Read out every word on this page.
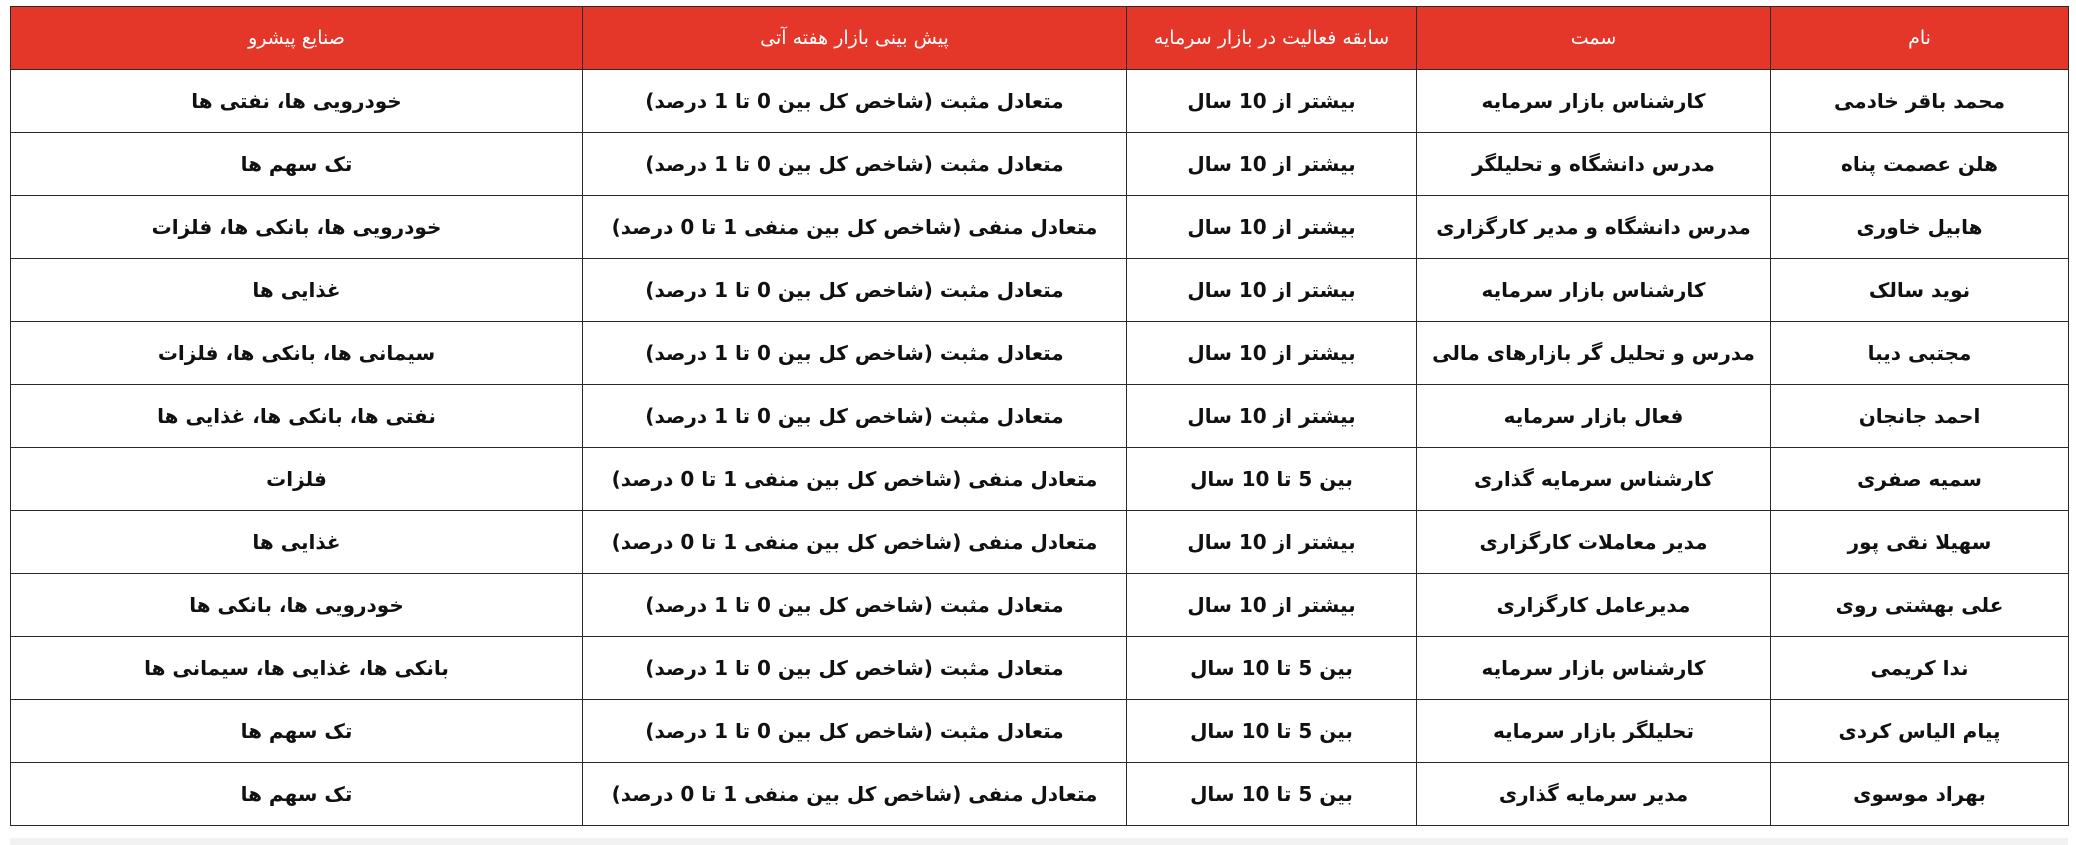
نام	سمت	سابقه فعالیت در بازار سرمایه	پیش بینی بازار هفته آتی	صنایع پیشرو
محمد باقر خادمی	کارشناس بازار سرمایه	بیشتر از 10 سال	متعادل مثبت (شاخص کل بین 0 تا 1 درصد)	خودرویی ها، نفتی ها
هلن عصمت پناه	مدرس دانشگاه و تحلیلگر	بیشتر از 10 سال	متعادل مثبت (شاخص کل بین 0 تا 1 درصد)	تک سهم ها
هابیل خاوری	مدرس دانشگاه و مدیر کارگزاری	بیشتر از 10 سال	متعادل منفی (شاخص کل بین منفی 1 تا 0 درصد)	خودرویی ها، بانکی ها، فلزات
نوید سالک	کارشناس بازار سرمایه	بیشتر از 10 سال	متعادل مثبت (شاخص کل بین 0 تا 1 درصد)	غذایی ها
مجتبی دیبا	مدرس و تحلیل گر بازارهای مالی	بیشتر از 10 سال	متعادل مثبت (شاخص کل بین 0 تا 1 درصد)	سیمانی ها، بانکی ها، فلزات
احمد جانجان	فعال بازار سرمایه	بیشتر از 10 سال	متعادل مثبت (شاخص کل بین 0 تا 1 درصد)	نفتی ها، بانکی ها، غذایی ها
سمیه صفری	کارشناس سرمایه گذاری	بین 5 تا 10 سال	متعادل منفی (شاخص کل بین منفی 1 تا 0 درصد)	فلزات
سهیلا نقی پور	مدیر معاملات کارگزاری	بیشتر از 10 سال	متعادل منفی (شاخص کل بین منفی 1 تا 0 درصد)	غذایی ها
علی بهشتی روی	مدیرعامل کارگزاری	بیشتر از 10 سال	متعادل مثبت (شاخص کل بین 0 تا 1 درصد)	خودرویی ها، بانکی ها
ندا کریمی	کارشناس بازار سرمایه	بین 5 تا 10 سال	متعادل مثبت (شاخص کل بین 0 تا 1 درصد)	بانکی ها، غذایی ها، سیمانی ها
پیام الیاس کردی	تحلیلگر بازار سرمایه	بین 5 تا 10 سال	متعادل مثبت (شاخص کل بین 0 تا 1 درصد)	تک سهم ها
بهراد موسوی	مدیر سرمایه گذاری	بین 5 تا 10 سال	متعادل منفی (شاخص کل بین منفی 1 تا 0 درصد)	تک سهم ها
